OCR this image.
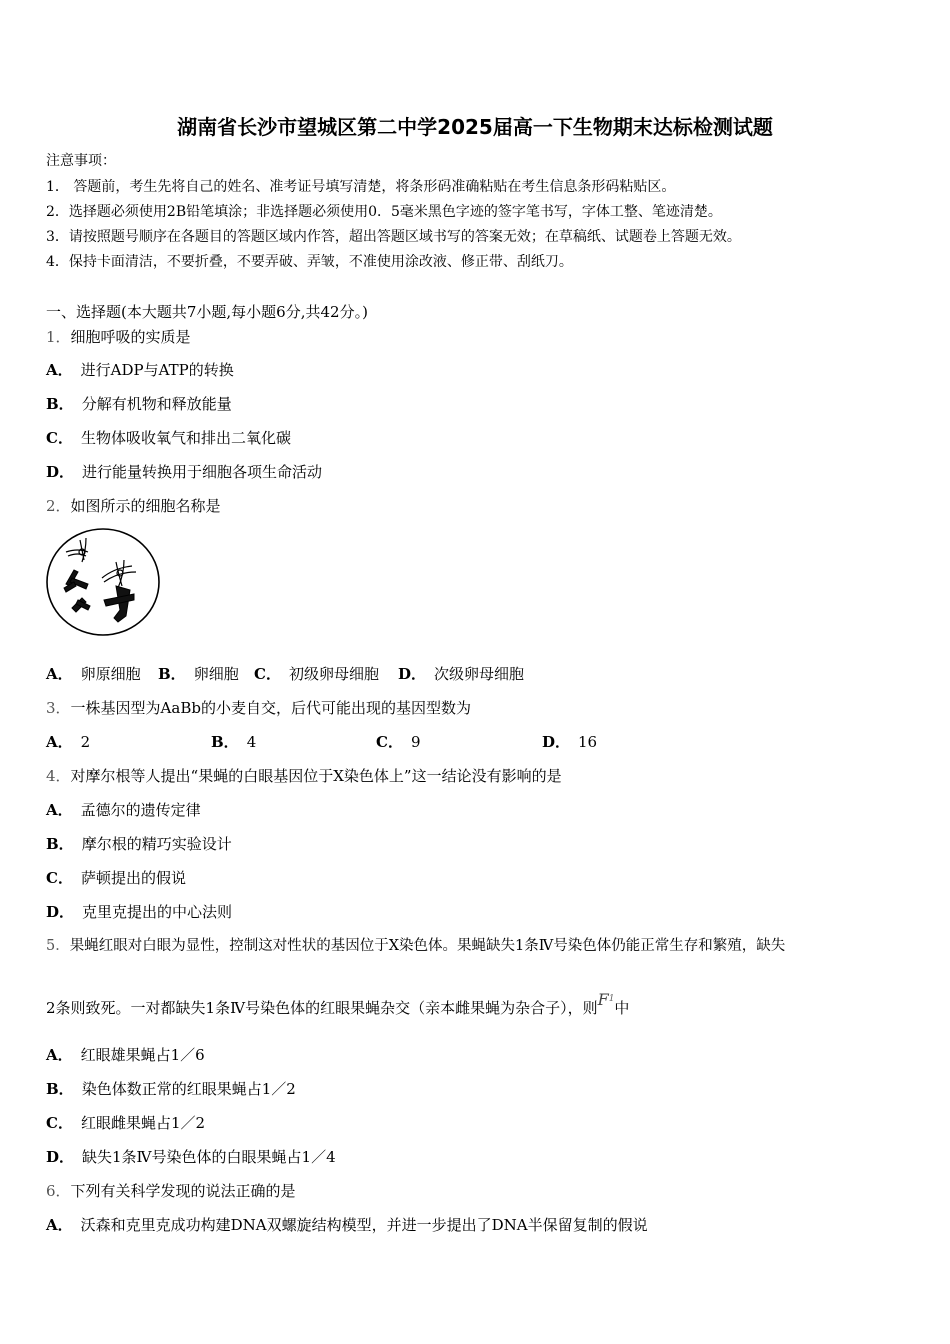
湖南省长沙市望城区第二中学2025届高一下生物期末达标检测试题
注意事项：
1． 答题前，考生先将自己的姓名、准考证号填写清楚，将条形码准确粘贴在考生信息条形码粘贴区。
2．选择题必须使用2B铅笔填涂；非选择题必须使用0．5毫米黑色字迹的签字笔书写，字体工整、笔迹清楚。
3．请按照题号顺序在各题目的答题区域内作答，超出答题区域书写的答案无效；在草稿纸、试题卷上答题无效。
4．保持卡面清洁，不要折叠，不要弄破、弄皱，不准使用涂改液、修正带、刮纸刀。
一、选择题(本大题共7小题,每小题6分,共42分。)
1．细胞呼吸的实质是
A． 进行ADP与ATP的转换
B． 分解有机物和释放能量
C． 生物体吸收氧气和排出二氧化碳
D． 进行能量转换用于细胞各项生命活动
2．如图所示的细胞名称是
A． 卵原细胞 B． 卵细胞 C． 初级卵母细胞 D． 次级卵母细胞
3．一株基因型为AaBb的小麦自交，后代可能出现的基因型数为
A． 2	B． 4	C． 9	D． 16
4．对摩尔根等人提出“果蝇的白眼基因位于X染色体上”这一结论没有影响的是
A． 孟德尔的遗传定律
B． 摩尔根的精巧实验设计
C． 萨顿提出的假说
D． 克里克提出的中心法则
5．果蝇红眼对白眼为显性，控制这对性状的基因位于X染色体。果蝇缺失1条Ⅳ号染色体仍能正常生存和繁殖，缺失
2条则致死。一对都缺失1条Ⅳ号染色体的红眼果蝇杂交（亲本雌果蝇为杂合子），则$F^1$中
A． 红眼雄果蝇占1／6
B． 染色体数正常的红眼果蝇占1／2
C． 红眼雌果蝇占1／2
D． 缺失1条Ⅳ号染色体的白眼果蝇占1／4
6．下列有关科学发现的说法正确的是
A． 沃森和克里克成功构建DNA双螺旋结构模型，并进一步提出了DNA半保留复制的假说
